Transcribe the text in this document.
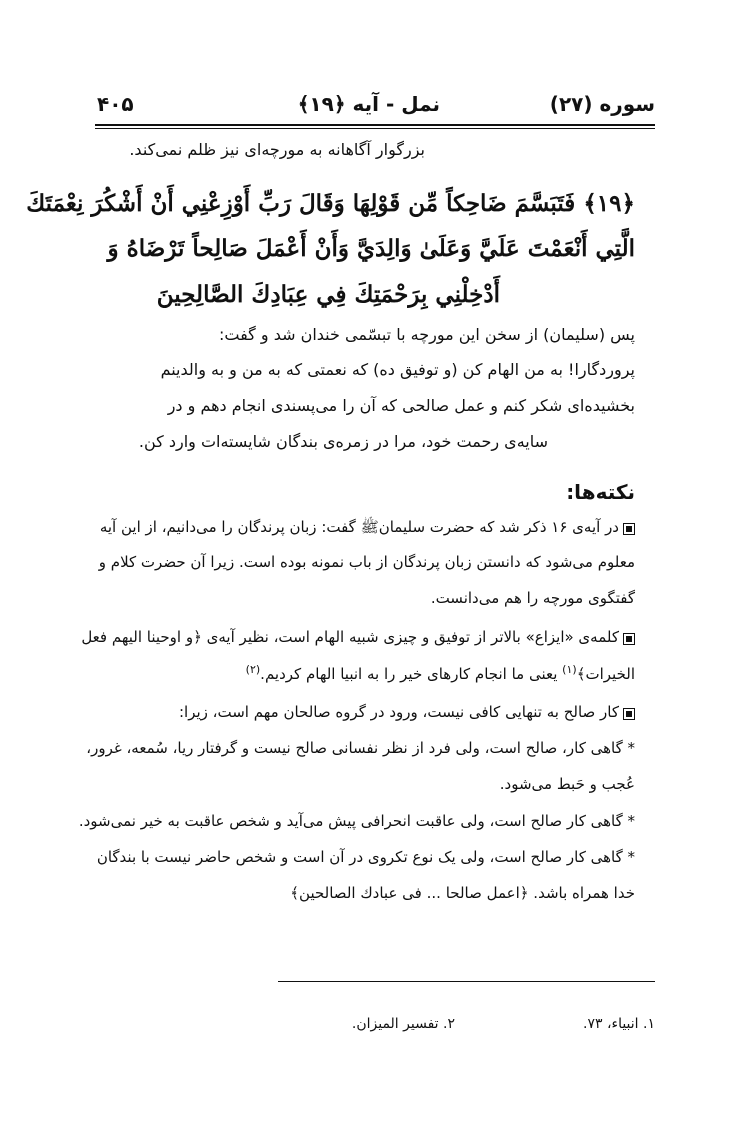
سوره (۲۷)
نمل - آیه ﴿۱۹﴾
۴۰۵
بزرگوار آگاهانه به مورچه‌ای نیز ظلم نمی‌کند.
﴿۱۹﴾ فَتَبَسَّمَ ضَاحِكاً مِّن قَوْلِهَا وَقَالَ رَبِّ أَوْزِعْنِي أَنْ أَشْكُرَ نِعْمَتَكَ
الَّتِي أَنْعَمْتَ عَلَيَّ وَعَلَىٰ وَالِدَيَّ وَأَنْ أَعْمَلَ صَالِحاً تَرْضَاهُ وَ
أَدْخِلْنِي بِرَحْمَتِكَ فِي عِبَادِكَ الصَّالِحِينَ
پس (سلیمان) از سخن این مورچه با تبسّمی خندان شد و گفت:
پروردگارا! به من الهام کن (و توفیق ده) که نعمتی که به من و به والدینم
بخشیده‌ای شکر کنم و عمل صالحی که آن را می‌پسندی انجام دهم و در
سایه‌ی رحمت خود، مرا در زمره‌ی بندگان شایسته‌ات وارد کن.
نکته‌ها:
در آیه‌ی ۱۶ ذکر شد که حضرت سلیمانﷺ گفت: زبان پرندگان را می‌دانیم، از این آیه
معلوم می‌شود که دانستن زبان پرندگان از باب نمونه بوده است. زیرا آن حضرت کلام و
گفتگوی مورچه را هم می‌دانست.
کلمه‌ی «ایزاع» بالاتر از توفیق و چیزی شبیه الهام است، نظیر آیه‌ی ﴿و اوحینا الیهم فعل
الخیرات﴾$^{(۱)}$ یعنی ما انجام کارهای خیر را به انبیا الهام کردیم.$^{(۲)}$
کار صالح به تنهایی کافی نیست، ورود در گروه صالحان مهم است، زیرا:
* گاهی کار، صالح است، ولی فرد از نظر نفسانی صالح نیست و گرفتار ریا، سُمعه، غرور،
عُجب و حَبط می‌شود.
* گاهی کار صالح است، ولی عاقبت انحرافی پیش می‌آید و شخص عاقبت به خیر نمی‌شود.
* گاهی کار صالح است، ولی یک نوع تکروی در آن است و شخص حاضر نیست با بندگان
خدا همراه باشد. ﴿اعمل صالحا ... فی عبادك الصالحین﴾
۱. انبیاء، ۷۳.
۲. تفسیر المیزان.
